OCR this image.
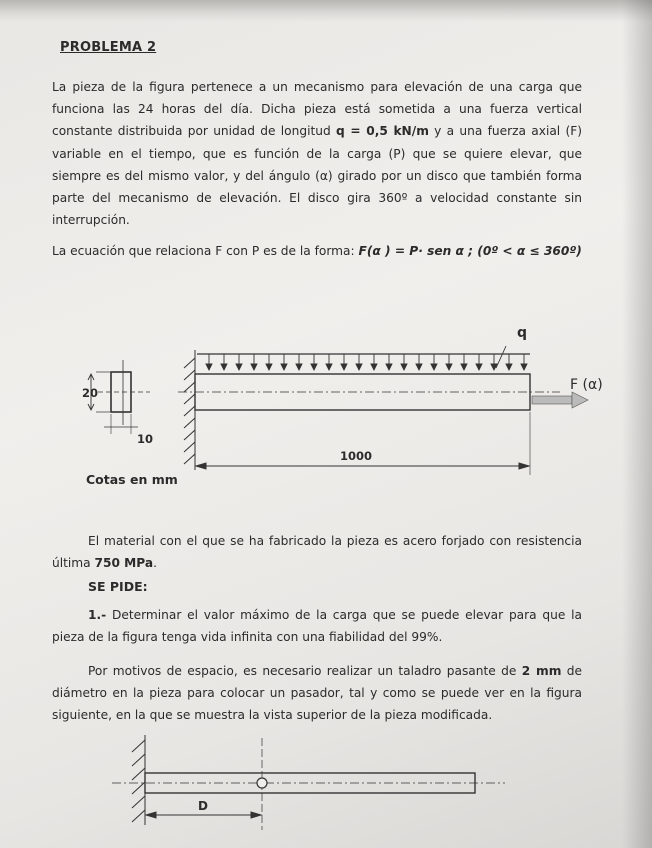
PROBLEMA 2
La pieza de la figura pertenece a un mecanismo para elevación de una carga que funciona las 24 horas del día. Dicha pieza está sometida a una fuerza vertical constante distribuida por unidad de longitud q = 0,5 kN/m y a una fuerza axial (F) variable en el tiempo, que es función de la carga (P) que se quiere elevar, que siempre es del mismo valor, y del ángulo (α) girado por un disco que también forma parte del mecanismo de elevación. El disco gira 360º a velocidad constante sin interrupción.
La ecuación que relaciona F con P es de la forma: F(α ) = P· sen α ; (0º < α ≤ 360º)
20
10
q
F (α)
1000
Cotas en mm
El material con el que se ha fabricado la pieza es acero forjado con resistencia última 750 MPa.
SE PIDE:
1.- Determinar el valor máximo de la carga que se puede elevar para que la pieza de la figura tenga vida infinita con una fiabilidad del 99%.
Por motivos de espacio, es necesario realizar un taladro pasante de 2 mm de diámetro en la pieza para colocar un pasador, tal y como se puede ver en la figura siguiente, en la que se muestra la vista superior de la pieza modificada.
D
